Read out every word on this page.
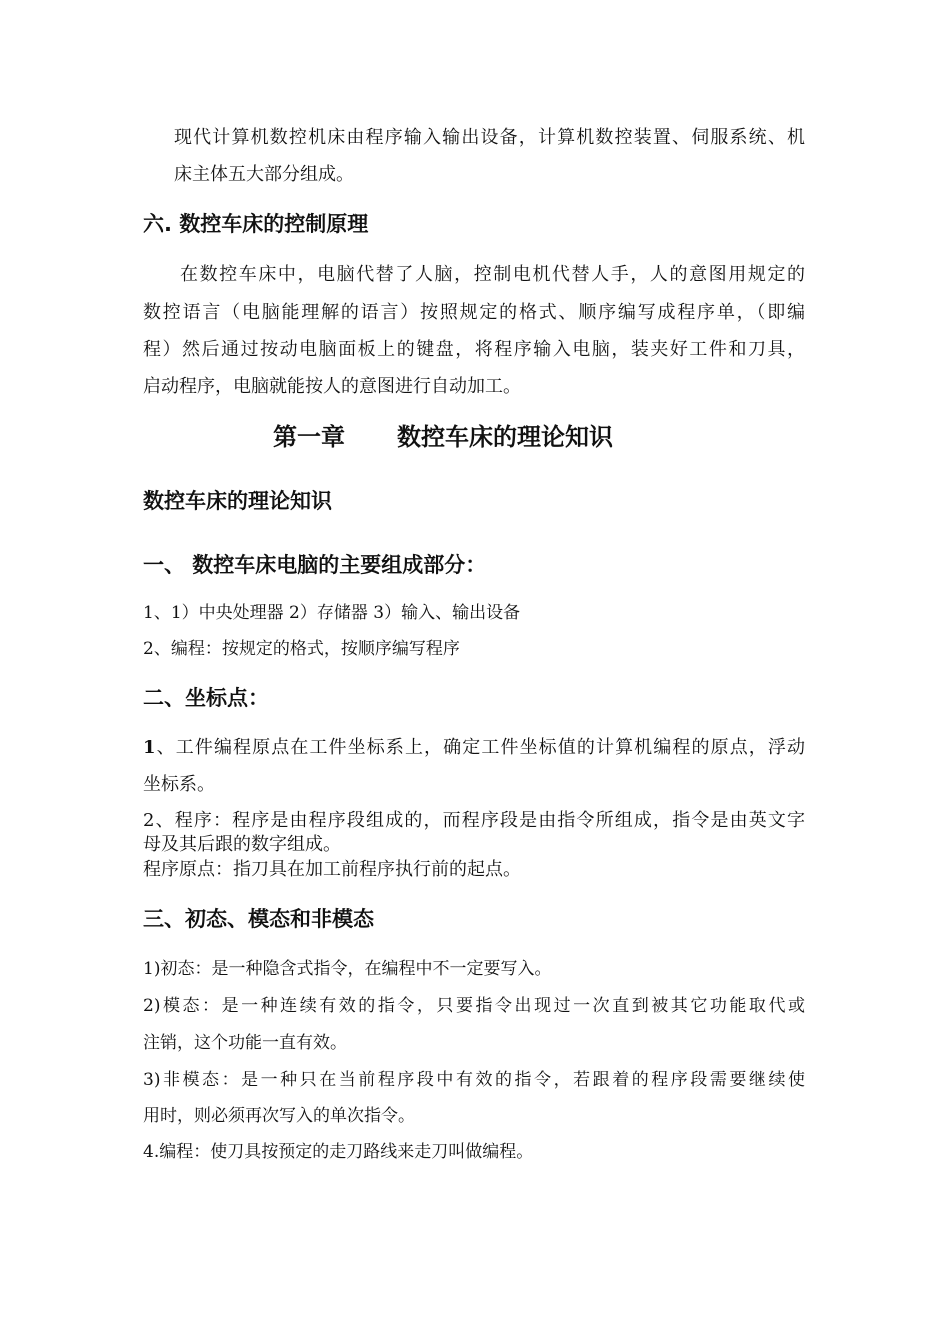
现代计算机数控机床由程序输入输出设备，计算机数控装置、伺服系统、机
床主体五大部分组成。
六. 数控车床的控制原理
在数控车床中，电脑代替了人脑，控制电机代替人手，人的意图用规定的
数控语言（电脑能理解的语言）按照规定的格式、顺序编写成程序单，（即编
程）然后通过按动电脑面板上的键盘，将程序输入电脑，装夹好工件和刀具，
启动程序，电脑就能按人的意图进行自动加工。
第一章 数控车床的理论知识
数控车床的理论知识
一、 数控车床电脑的主要组成部分：
1、1）中央处理器 2）存储器 3）输入、输出设备
2、编程：按规定的格式，按顺序编写程序
二、坐标点：
1、工件编程原点在工件坐标系上，确定工件坐标值的计算机编程的原点，浮动
坐标系。
2、程序：程序是由程序段组成的，而程序段是由指令所组成，指令是由英文字
母及其后跟的数字组成。
程序原点：指刀具在加工前程序执行前的起点。
三、初态、模态和非模态
1)初态：是一种隐含式指令，在编程中不一定要写入。
2)模态：是一种连续有效的指令，只要指令出现过一次直到被其它功能取代或
注销，这个功能一直有效。
3)非模态：是一种只在当前程序段中有效的指令，若跟着的程序段需要继续使
用时，则必须再次写入的单次指令。
4.编程：使刀具按预定的走刀路线来走刀叫做编程。
